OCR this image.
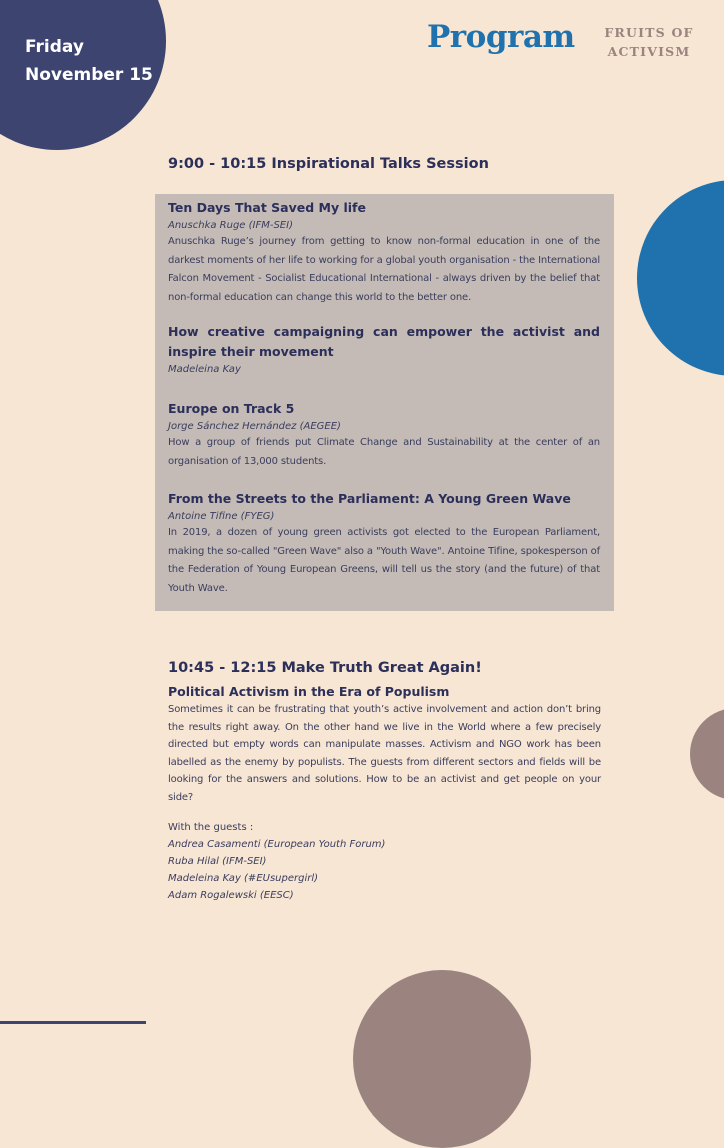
Friday
November 15
Program	FRUITS OF
ACTIVISM
9:00 - 10:15 Inspirational Talks Session
Ten Days That Saved My life
Anuschka Ruge (IFM-SEI)
Anuschka Ruge’s journey from getting to know non-formal education in one of the darkest moments of her life to working for a global youth organisation - the International Falcon Movement - Socialist Educational International - always driven by the belief that non-formal education can change this world to the better one.
How creative campaigning can empower the activist and inspire their movement
Madeleina Kay
Europe on Track 5
Jorge Sánchez Hernández (AEGEE)
How a group of friends put Climate Change and Sustainability at the center of an organisation of 13,000 students.
From the Streets to the Parliament: A Young Green Wave
Antoine Tifine (FYEG)
In 2019, a dozen of young green activists got elected to the European Parliament, making the so-called "Green Wave" also a "Youth Wave". Antoine Tifine, spokesperson of the Federation of Young European Greens, will tell us the story (and the future) of that Youth Wave.
10:45 - 12:15 Make Truth Great Again!
Political Activism in the Era of Populism
Sometimes it can be frustrating that youth’s active involvement and action don’t bring the results right away. On the other hand we live in the World where a few precisely directed but empty words can manipulate masses. Activism and NGO work has been labelled as the enemy by populists. The guests from different sectors and fields will be looking for the answers and solutions. How to be an activist and get people on your side?
With the guests :
Andrea Casamenti (European Youth Forum)
Ruba Hilal (IFM-SEI)
Madeleina Kay (#EUsupergirl)
Adam Rogalewski (EESC)
